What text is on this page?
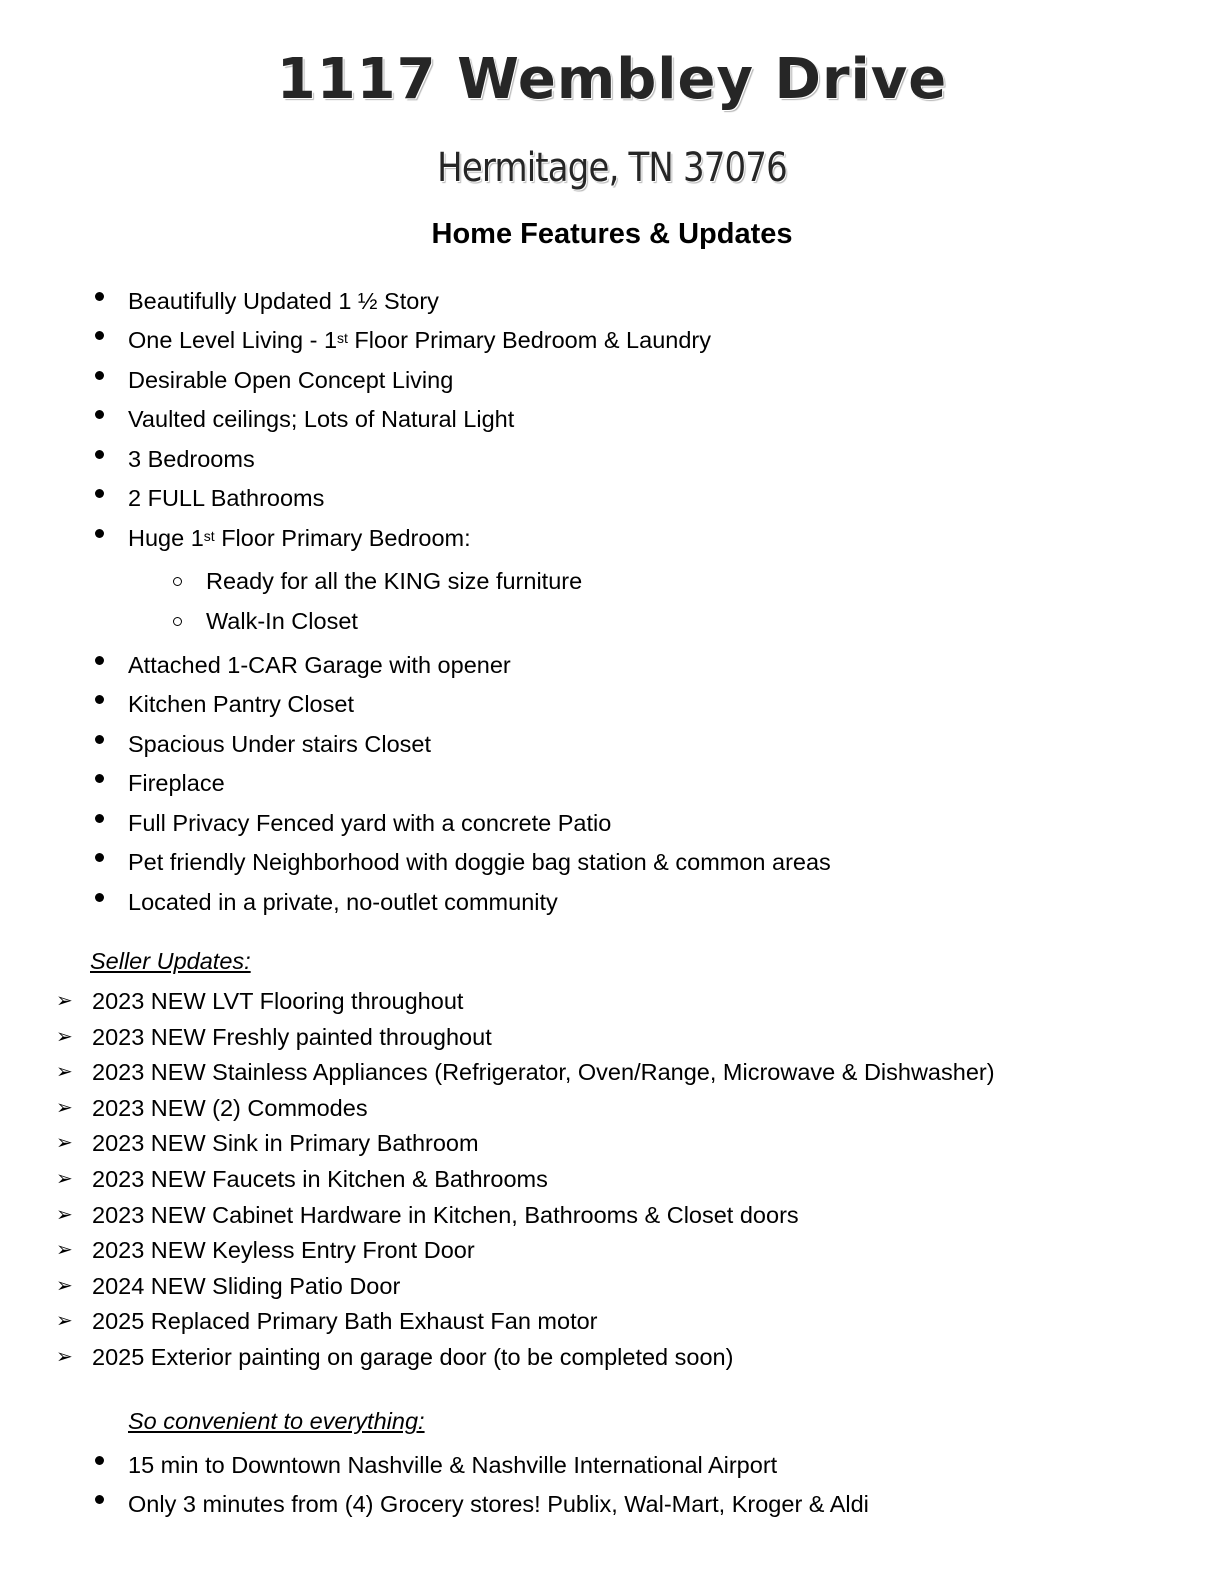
1117 Wembley Drive
Hermitage, TN 37076
Home Features & Updates
Beautifully Updated 1 ½ Story
One Level Living - 1st Floor Primary Bedroom & Laundry
Desirable Open Concept Living
Vaulted ceilings; Lots of Natural Light
3 Bedrooms
2 FULL Bathrooms
Huge 1st Floor Primary Bedroom:
Ready for all the KING size furniture
Walk-In Closet
Attached 1-CAR Garage with opener
Kitchen Pantry Closet
Spacious Under stairs Closet
Fireplace
Full Privacy Fenced yard with a concrete Patio
Pet friendly Neighborhood with doggie bag station & common areas
Located in a private, no-outlet community
Seller Updates:
➢ 2023 NEW LVT Flooring throughout
➢ 2023 NEW Freshly painted throughout
➢ 2023 NEW Stainless Appliances (Refrigerator, Oven/Range, Microwave & Dishwasher)
➢ 2023 NEW (2) Commodes
➢ 2023 NEW Sink in Primary Bathroom
➢ 2023 NEW Faucets in Kitchen & Bathrooms
➢ 2023 NEW Cabinet Hardware in Kitchen, Bathrooms & Closet doors
➢ 2023 NEW Keyless Entry Front Door
➢ 2024 NEW Sliding Patio Door
➢ 2025 Replaced Primary Bath Exhaust Fan motor
➢ 2025 Exterior painting on garage door (to be completed soon)
So convenient to everything:
15 min to Downtown Nashville & Nashville International Airport
Only 3 minutes from (4) Grocery stores! Publix, Wal-Mart, Kroger & Aldi
